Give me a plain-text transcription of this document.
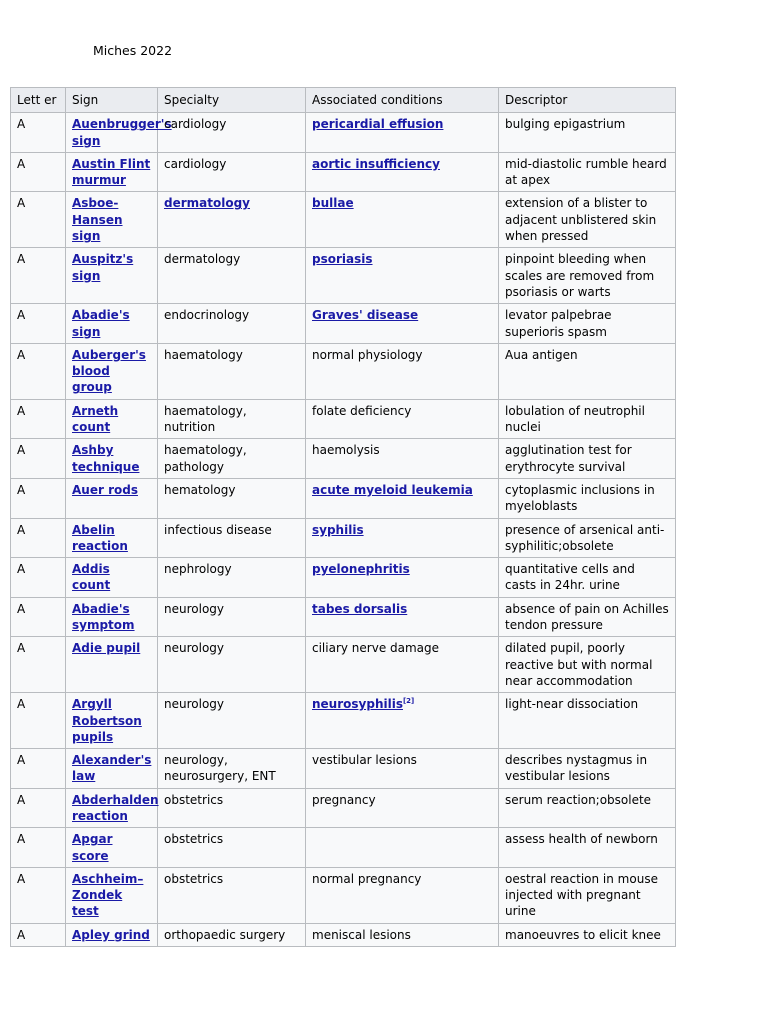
Miches 2022
Lett er	Sign	Specialty	Associated conditions	Descriptor
A	Auenbrugger's sign	cardiology	pericardial effusion	bulging epigastrium
A	Austin Flint murmur	cardiology	aortic insufficiency	mid-diastolic rumble heard at apex
A	Asboe-Hansen sign	dermatology	bullae	extension of a blister to adjacent unblistered skin when pressed
A	Auspitz's sign	dermatology	psoriasis	pinpoint bleeding when scales are removed from psoriasis or warts
A	Abadie's sign	endocrinology	Graves' disease	levator palpebrae superioris spasm
A	Auberger's blood group	haematology	normal physiology	Aua antigen
A	Arneth count	haematology, nutrition	folate deficiency	lobulation of neutrophil nuclei
A	Ashby technique	haematology, pathology	haemolysis	agglutination test for erythrocyte survival
A	Auer rods	hematology	acute myeloid leukemia	cytoplasmic inclusions in myeloblasts
A	Abelin reaction	infectious disease	syphilis	presence of arsenical anti-syphilitic;obsolete
A	Addis count	nephrology	pyelonephritis	quantitative cells and casts in 24hr. urine
A	Abadie's symptom	neurology	tabes dorsalis	absence of pain on Achilles tendon pressure
A	Adie pupil	neurology	ciliary nerve damage	dilated pupil, poorly reactive but with normal near accommodation
A	Argyll Robertson pupils	neurology	neurosyphilis[2]	light-near dissociation
A	Alexander's law	neurology, neurosurgery, ENT	vestibular lesions	describes nystagmus in vestibular lesions
A	Abderhalden reaction	obstetrics	pregnancy	serum reaction;obsolete
A	Apgar score	obstetrics		assess health of newborn
A	Aschheim–Zondek test	obstetrics	normal pregnancy	oestral reaction in mouse injected with pregnant urine
A	Apley grind	orthopaedic surgery	meniscal lesions	manoeuvres to elicit knee
